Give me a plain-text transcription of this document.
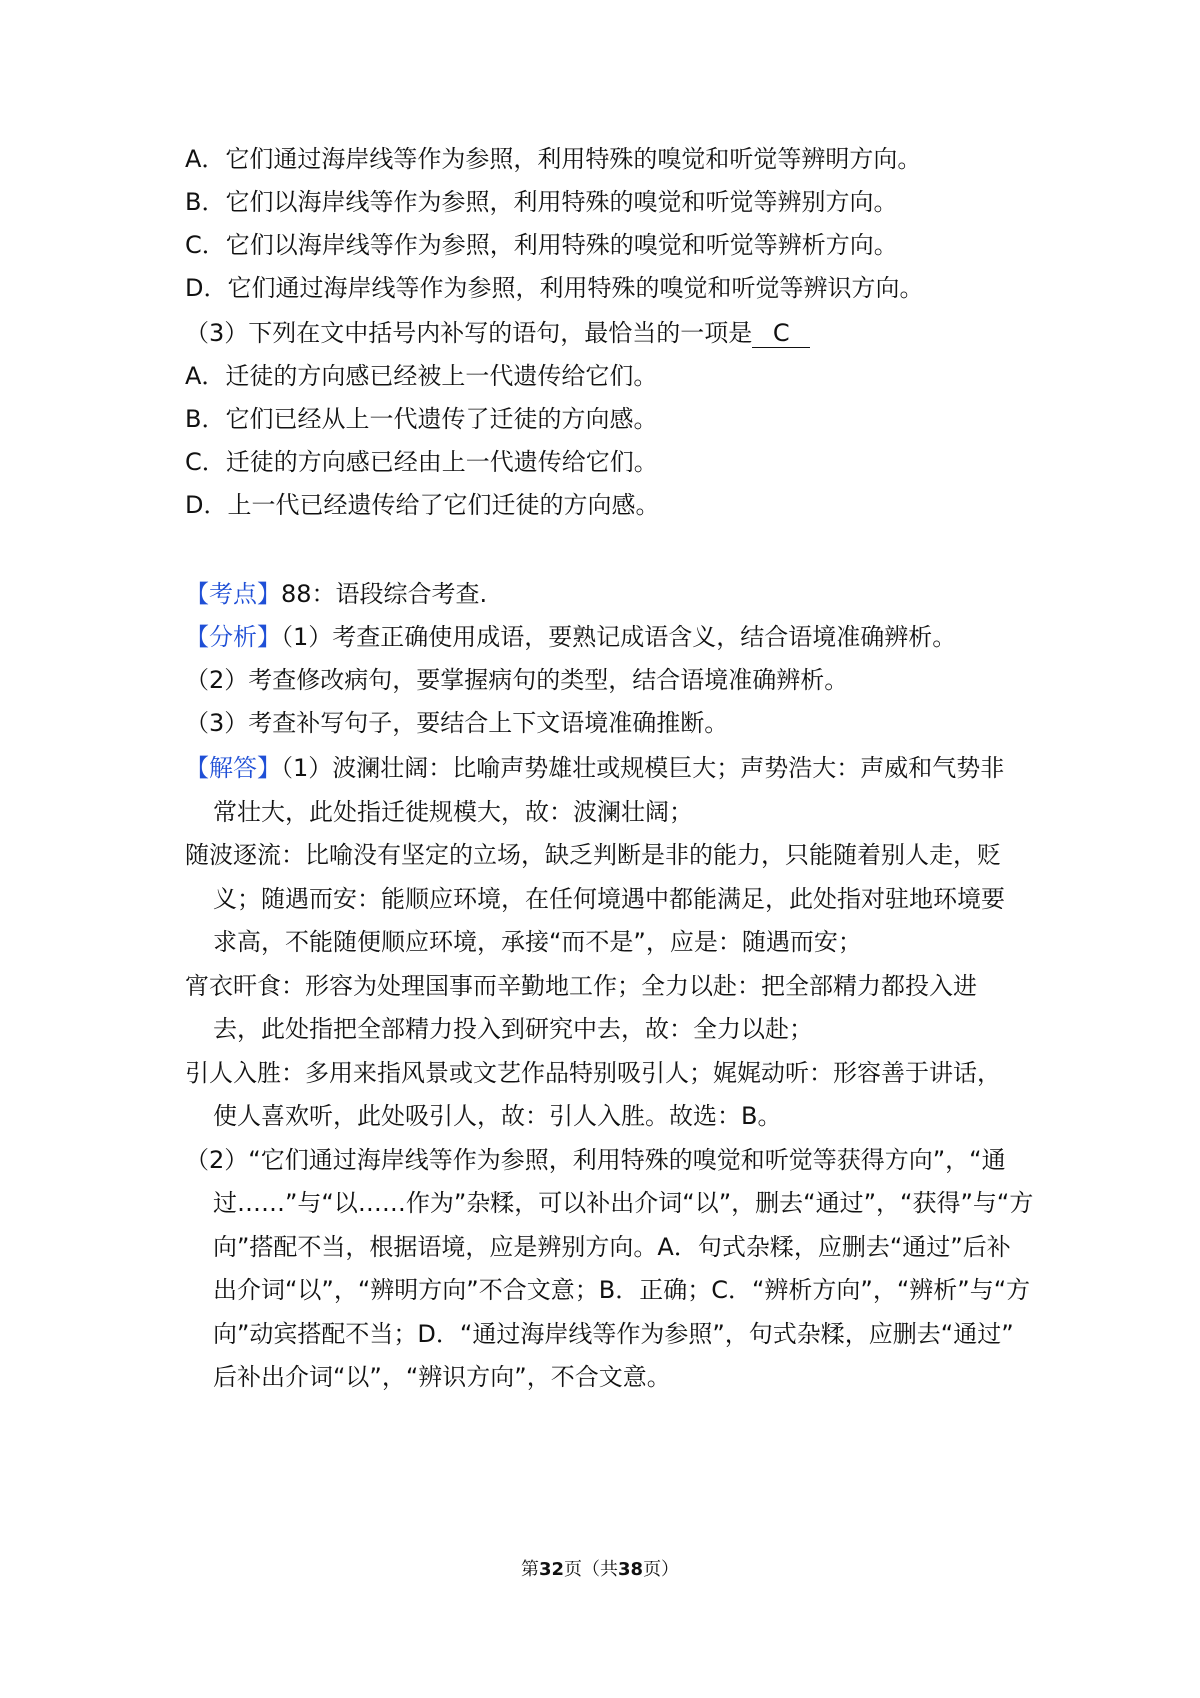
A．它们通过海岸线等作为参照，利用特殊的嗅觉和听觉等辨明方向。
B．它们以海岸线等作为参照，利用特殊的嗅觉和听觉等辨别方向。
C．它们以海岸线等作为参照，利用特殊的嗅觉和听觉等辨析方向。
D．它们通过海岸线等作为参照，利用特殊的嗅觉和听觉等辨识方向。
（3）下列在文中括号内补写的语句，最恰当的一项是 C
A．迁徒的方向感已经被上一代遗传给它们。
B．它们已经从上一代遗传了迁徒的方向感。
C．迁徒的方向感已经由上一代遗传给它们。
D．上一代已经遗传给了它们迁徒的方向感。
【考点】88：语段综合考查.
【分析】（1）考查正确使用成语，要熟记成语含义，结合语境准确辨析。
（2）考查修改病句，要掌握病句的类型，结合语境准确辨析。
（3）考查补写句子，要结合上下文语境准确推断。
【解答】（1）波澜壮阔：比喻声势雄壮或规模巨大；声势浩大：声威和气势非
常壮大，此处指迁徙规模大，故：波澜壮阔；
随波逐流：比喻没有坚定的立场，缺乏判断是非的能力，只能随着别人走，贬
义；随遇而安：能顺应环境，在任何境遇中都能满足，此处指对驻地环境要
求高，不能随便顺应环境，承接“而不是”，应是：随遇而安；
宵衣旰食：形容为处理国事而辛勤地工作；全力以赴：把全部精力都投入进
去，此处指把全部精力投入到研究中去，故：全力以赴；
引人入胜：多用来指风景或文艺作品特别吸引人；娓娓动听：形容善于讲话，
使人喜欢听，此处吸引人，故：引人入胜。故选：B。
（2）“它们通过海岸线等作为参照，利用特殊的嗅觉和听觉等获得方向”，“通
过……”与“以……作为”杂糅，可以补出介词“以”，删去“通过”，“获得”与“方
向”搭配不当，根据语境，应是辨别方向。A．句式杂糅，应删去“通过”后补
出介词“以”，“辨明方向”不合文意；B．正确；C．“辨析方向”，“辨析”与“方
向”动宾搭配不当；D．“通过海岸线等作为参照”，句式杂糅，应删去“通过”
后补出介词“以”，“辨识方向”，不合文意。
第32页（共38页）
